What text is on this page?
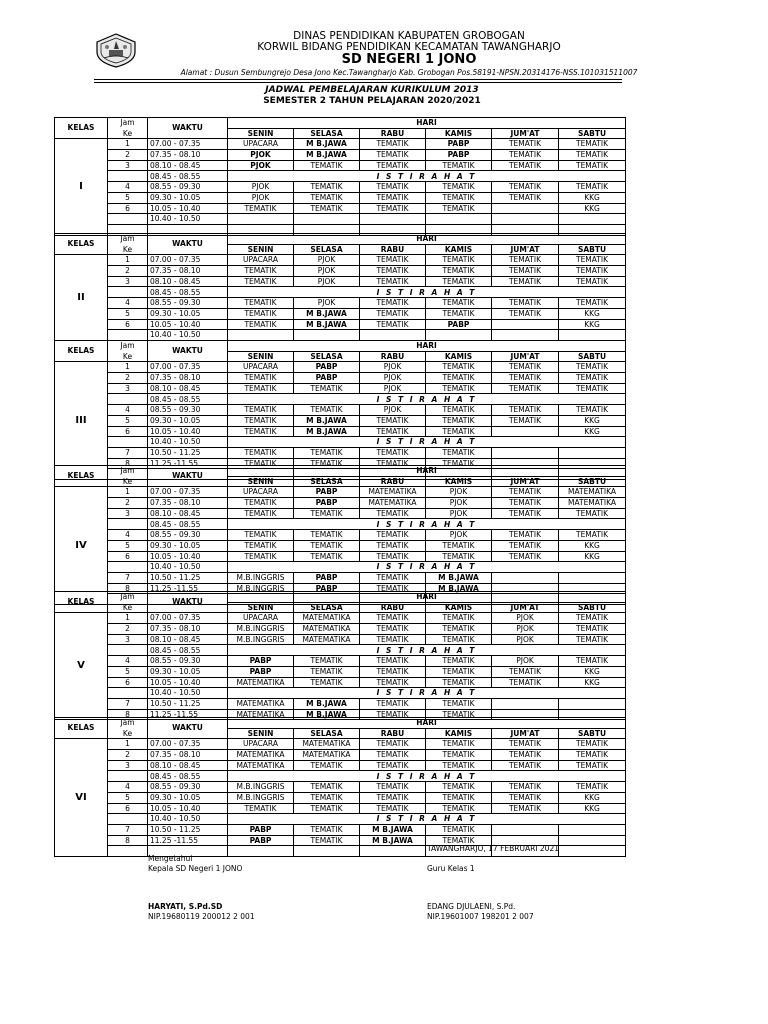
DINAS PENDIDIKAN KABUPATEN GROBOGAN
KORWIL BIDANG PENDIDIKAN KECAMATAN TAWANGHARJO
SD NEGERI 1 JONO
Alamat : Dusun Sembungrejo Desa Jono Kec.Tawangharjo Kab. Grobogan Pos.58191-NPSN.20314176-NSS.101031511007
JADWAL PEMBELAJARAN KURIKULUM 2013
SEMESTER 2 TAHUN PELAJARAN 2020/2021
KELAS	Jam	WAKTU	HARI					
	Ke		SENIN	SELASA	RABU	KAMIS	JUM'AT	SABTU
I	1	07.00 - 07.35	UPACARA	M B.JAWA	TEMATIK	PABP	TEMATIK	TEMATIK
	2	07.35 - 08.10	PJOK	M B.JAWA	TEMATIK	PABP	TEMATIK	TEMATIK
	3	08.10 - 08.45	PJOK	TEMATIK	TEMATIK	TEMATIK	TEMATIK	TEMATIK
		08.45 - 08.55	I S T I R A H A T					
	4	08.55 - 09.30	PJOK	TEMATIK	TEMATIK	TEMATIK	TEMATIK	TEMATIK
	5	09.30 - 10.05	PJOK	TEMATIK	TEMATIK	TEMATIK	TEMATIK	KKG
	6	10.05 - 10.40	TEMATIK	TEMATIK	TEMATIK	TEMATIK		KKG
		10.40 - 10.50						

KELAS	Jam	WAKTU	HARI					
	Ke		SENIN	SELASA	RABU	KAMIS	JUM'AT	SABTU
II	1	07.00 - 07.35	UPACARA	PJOK	TEMATIK	TEMATIK	TEMATIK	TEMATIK
	2	07.35 - 08.10	TEMATIK	PJOK	TEMATIK	TEMATIK	TEMATIK	TEMATIK
	3	08.10 - 08.45	TEMATIK	PJOK	TEMATIK	TEMATIK	TEMATIK	TEMATIK
		08.45 - 08.55	I S T I R A H A T					
	4	08.55 - 09.30	TEMATIK	PJOK	TEMATIK	TEMATIK	TEMATIK	TEMATIK
	5	09.30 - 10.05	TEMATIK	M B.JAWA	TEMATIK	TEMATIK	TEMATIK	KKG
	6	10.05 - 10.40	TEMATIK	M B.JAWA	TEMATIK	PABP		KKG
		10.40 - 10.50						
KELAS	Jam	WAKTU	HARI					
	Ke		SENIN	SELASA	RABU	KAMIS	JUM'AT	SABTU
III	1	07.00 - 07.35	UPACARA	PABP	PJOK	TEMATIK	TEMATIK	TEMATIK
	2	07.35 - 08.10	TEMATIK	PABP	PJOK	TEMATIK	TEMATIK	TEMATIK
	3	08.10 - 08.45	TEMATIK	TEMATIK	PJOK	TEMATIK	TEMATIK	TEMATIK
		08.45 - 08.55	I S T I R A H A T					
	4	08.55 - 09.30	TEMATIK	TEMATIK	PJOK	TEMATIK	TEMATIK	TEMATIK
	5	09.30 - 10.05	TEMATIK	M B.JAWA	TEMATIK	TEMATIK	TEMATIK	KKG
	6	10.05 - 10.40	TEMATIK	M B.JAWA	TEMATIK	TEMATIK		KKG
		10.40 - 10.50	I S T I R A H A T					
	7	10.50 - 11.25	TEMATIK	TEMATIK	TEMATIK	TEMATIK		
	8	11.25 -11.55	TEMATIK	TEMATIK	TEMATIK	TEMATIK		

KELAS	Jam	WAKTU	HARI					
	Ke		SENIN	SELASA	RABU	KAMIS	JUM'AT	SABTU
IV	1	07.00 - 07.35	UPACARA	PABP	MATEMATIKA	PJOK	TEMATIK	MATEMATIKA
	2	07.35 - 08.10	TEMATIK	PABP	MATEMATIKA	PJOK	TEMATIK	MATEMATIKA
	3	08.10 - 08.45	TEMATIK	TEMATIK	TEMATIK	PJOK	TEMATIK	TEMATIK
		08.45 - 08.55	I S T I R A H A T					
	4	08.55 - 09.30	TEMATIK	TEMATIK	TEMATIK	PJOK	TEMATIK	TEMATIK
	5	09.30 - 10.05	TEMATIK	TEMATIK	TEMATIK	TEMATIK	TEMATIK	KKG
	6	10.05 - 10.40	TEMATIK	TEMATIK	TEMATIK	TEMATIK	TEMATIK	KKG
		10.40 - 10.50	I S T I R A H A T					
	7	10.50 - 11.25	M.B.INGGRIS	PABP	TEMATIK	M B.JAWA		
	8	11.25 -11.55	M.B.INGGRIS	PABP	TEMATIK	M B.JAWA		

KELAS	Jam	WAKTU	HARI					
	Ke		SENIN	SELASA	RABU	KAMIS	JUM'AT	SABTU
V	1	07.00 - 07.35	UPACARA	MATEMATIKA	TEMATIK	TEMATIK	PJOK	TEMATIK
	2	07.35 - 08.10	M.B.INGGRIS	MATEMATIKA	TEMATIK	TEMATIK	PJOK	TEMATIK
	3	08.10 - 08.45	M.B.INGGRIS	MATEMATIKA	TEMATIK	TEMATIK	PJOK	TEMATIK
		08.45 - 08.55	I S T I R A H A T					
	4	08.55 - 09.30	PABP	TEMATIK	TEMATIK	TEMATIK	PJOK	TEMATIK
	5	09.30 - 10.05	PABP	TEMATIK	TEMATIK	TEMATIK	TEMATIK	KKG
	6	10.05 - 10.40	MATEMATIKA	TEMATIK	TEMATIK	TEMATIK	TEMATIK	KKG
		10.40 - 10.50	I S T I R A H A T					
	7	10.50 - 11.25	MATEMATIKA	M B.JAWA	TEMATIK	TEMATIK		
	8	11.25 -11.55	MATEMATIKA	M B.JAWA	TEMATIK	TEMATIK		
KELAS	Jam	WAKTU	HARI					
	Ke		SENIN	SELASA	RABU	KAMIS	JUM'AT	SABTU
VI	1	07.00 - 07.35	UPACARA	MATEMATIKA	TEMATIK	TEMATIK	TEMATIK	TEMATIK
	2	07.35 - 08.10	MATEMATIKA	MATEMATIKA	TEMATIK	TEMATIK	TEMATIK	TEMATIK
	3	08.10 - 08.45	MATEMATIKA	TEMATIK	TEMATIK	TEMATIK	TEMATIK	TEMATIK
		08.45 - 08.55	I S T I R A H A T					
	4	08.55 - 09.30	M.B.INGGRIS	TEMATIK	TEMATIK	TEMATIK	TEMATIK	TEMATIK
	5	09.30 - 10.05	M.B.INGGRIS	TEMATIK	TEMATIK	TEMATIK	TEMATIK	KKG
	6	10.05 - 10.40	TEMATIK	TEMATIK	TEMATIK	TEMATIK	TEMATIK	KKG
		10.40 - 10.50	I S T I R A H A T					
	7	10.50 - 11.25	PABP	TEMATIK	M B.JAWA	TEMATIK		
	8	11.25 -11.55	PABP	TEMATIK	M B.JAWA	TEMATIK		

TAWANGHARJO, 17 FEBRUARI 2021
Mengetahui
Kepala SD Negeri 1 JONO	Guru Kelas 1
HARYATI, S.Pd.SD
NIP.19680119 200012 2 001
EDANG DJULAENI, S.Pd.
NIP.19601007 198201 2 007
